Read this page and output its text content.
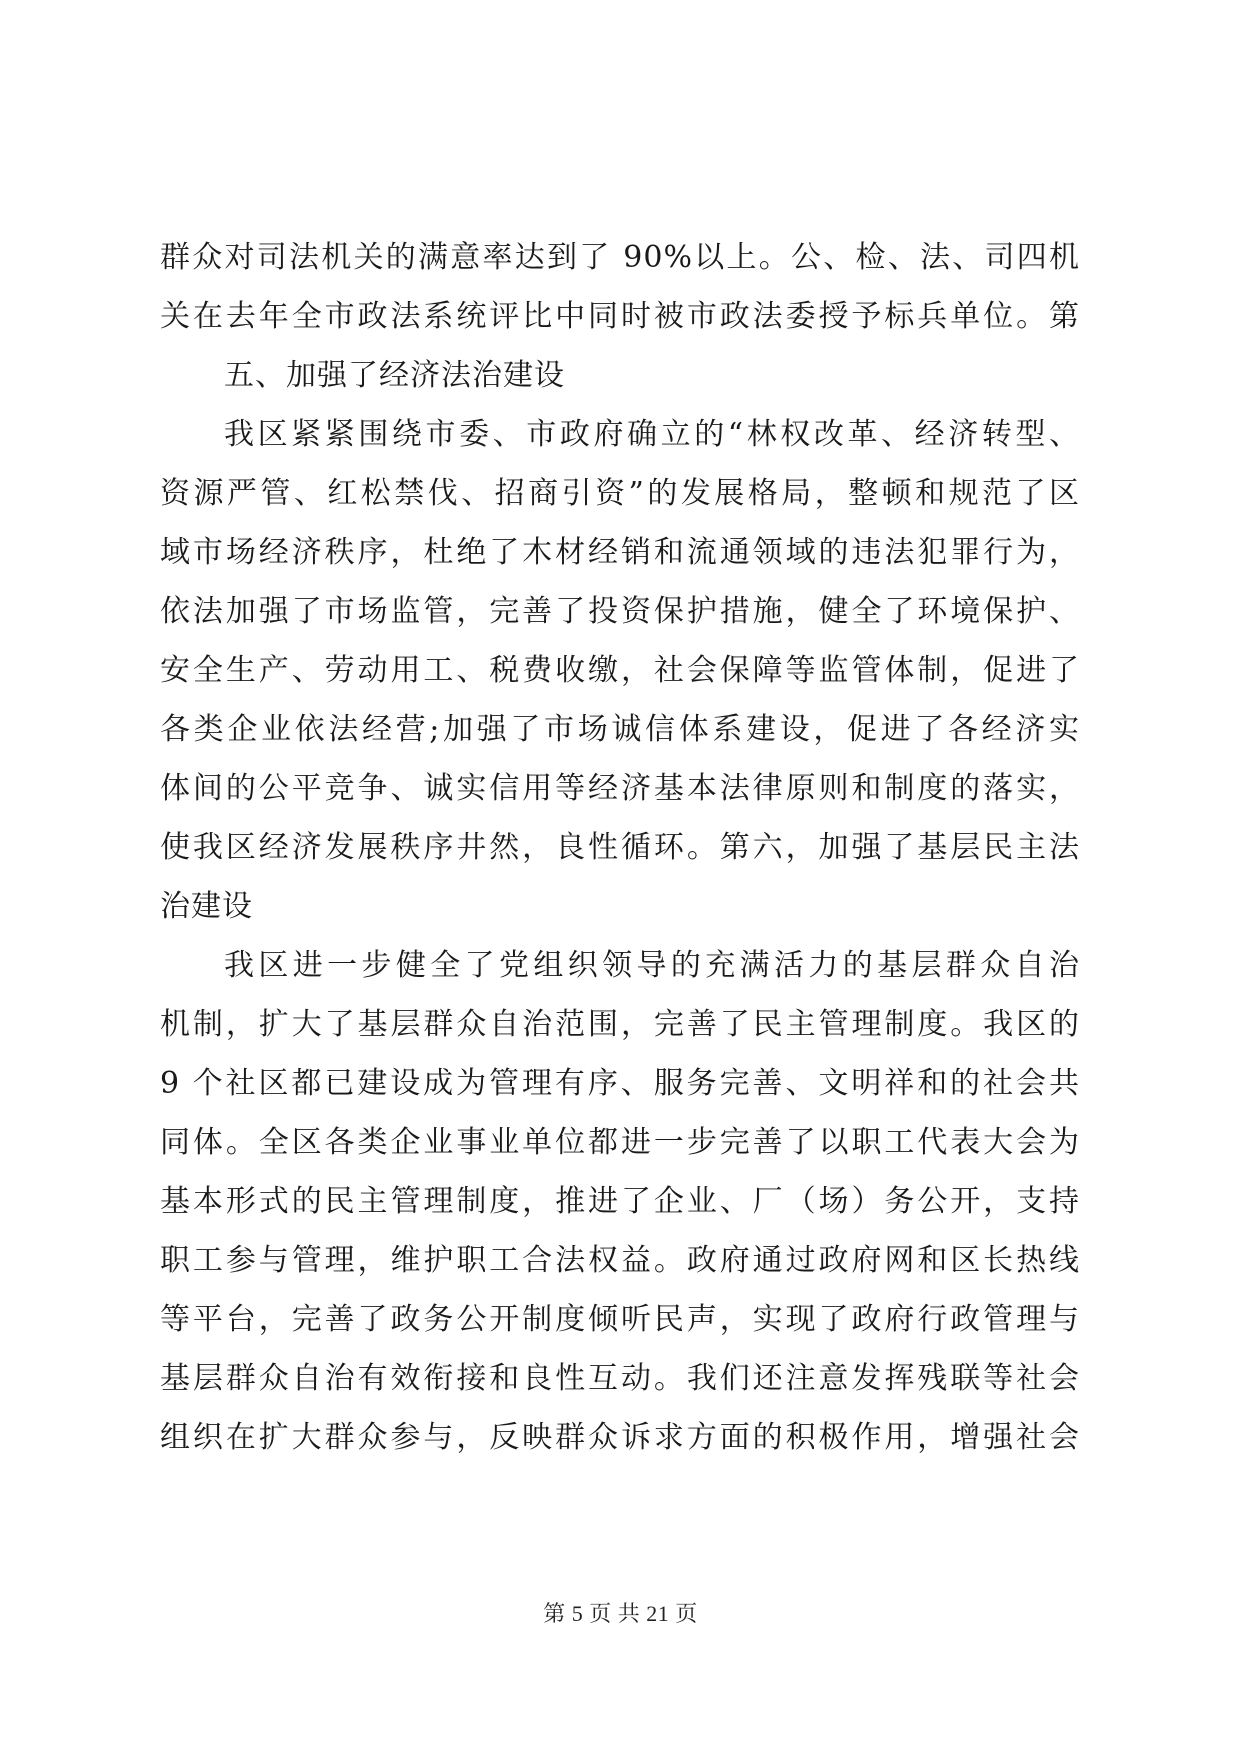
群众对司法机关的满意率达到了 90%以上。公、检、法、司四机
关在去年全市政法系统评比中同时被市政法委授予标兵单位。第
五、加强了经济法治建设
我区紧紧围绕市委、市政府确立的“林权改革、经济转型、
资源严管、红松禁伐、招商引资”的发展格局，整顿和规范了区
域市场经济秩序，杜绝了木材经销和流通领域的违法犯罪行为，
依法加强了市场监管，完善了投资保护措施，健全了环境保护、
安全生产、劳动用工、税费收缴，社会保障等监管体制，促进了
各类企业依法经营;加强了市场诚信体系建设，促进了各经济实
体间的公平竞争、诚实信用等经济基本法律原则和制度的落实，
使我区经济发展秩序井然，良性循环。第六，加强了基层民主法
治建设
我区进一步健全了党组织领导的充满活力的基层群众自治
机制，扩大了基层群众自治范围，完善了民主管理制度。我区的
9 个社区都已建设成为管理有序、服务完善、文明祥和的社会共
同体。全区各类企业事业单位都进一步完善了以职工代表大会为
基本形式的民主管理制度，推进了企业、厂（场）务公开，支持
职工参与管理，维护职工合法权益。政府通过政府网和区长热线
等平台，完善了政务公开制度倾听民声，实现了政府行政管理与
基层群众自治有效衔接和良性互动。我们还注意发挥残联等社会
组织在扩大群众参与，反映群众诉求方面的积极作用，增强社会
第 5 页 共 21 页
